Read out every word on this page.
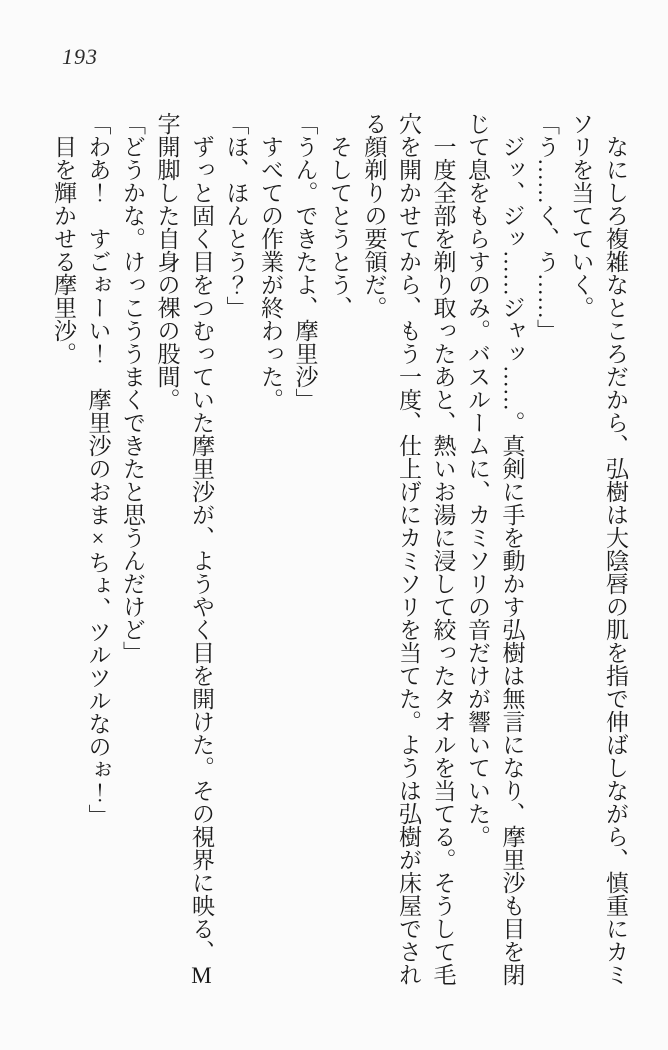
193

なにしろ複雑なところだから、弘樹は大陰唇の肌を指で伸ばしながら、慎重にカミ

ソリを当てていく。

「う……く、う……」

ジッ、ジッ……ジャッ……。真剣に手を動かす弘樹は無言になり、摩里沙も目を閉

じて息をもらすのみ。バスルームに、カミソリの音だけが響いていた。

一度全部を剃り取ったあと、熱いお湯に浸して絞ったタオルを当てる。そうして毛

穴を開かせてから、もう一度、仕上げにカミソリを当てた。ようは弘樹が床屋でされ

る顔剃りの要領だ。

そしてとうとう、

「うん。できたよ、摩里沙」

すべての作業が終わった。

「ほ、ほんとう？」

ずっと固く目をつむっていた摩里沙が、ようやく目を開けた。その視界に映る、M

字開脚した自身の裸の股間。

「どうかな。けっこううまくできたと思うんだけど」

「わあ！　すごぉーい！　摩里沙のおま×ちょ、ツルツルなのぉ！」

目を輝かせる摩里沙。
